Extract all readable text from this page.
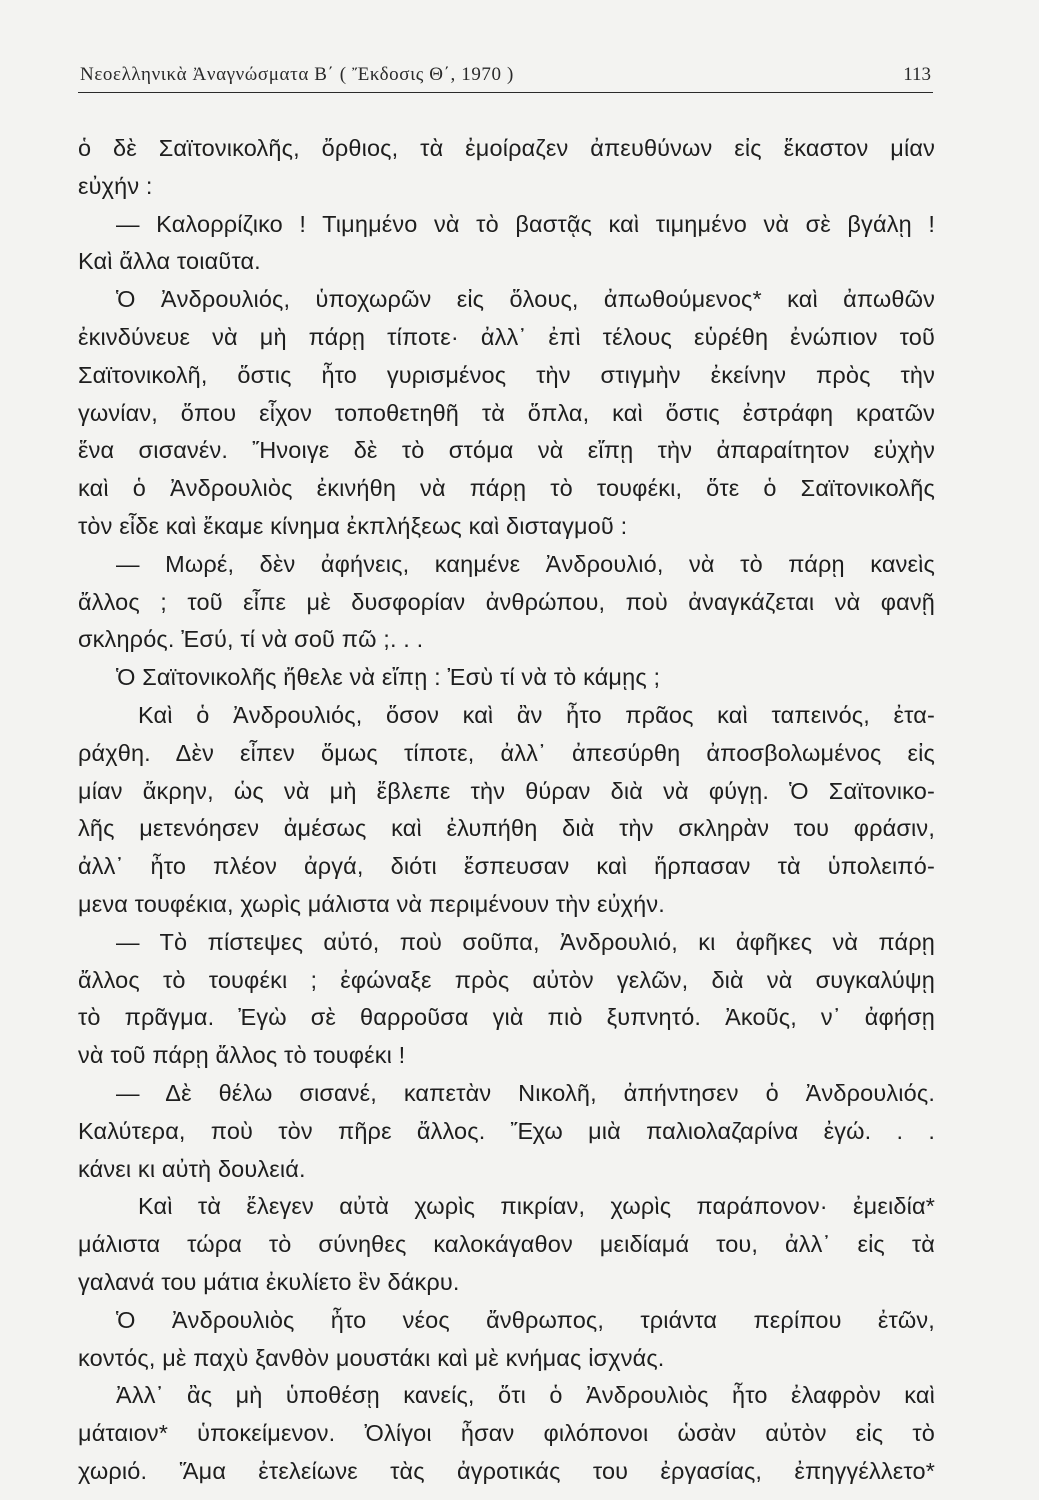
Νεοελληνικὰ Ἀναγνώσματα Β΄ ( Ἔκδοσις Θ΄, 1970 )	113
ὁ δὲ Σαϊτονικολῆς, ὄρθιος, τὰ ἐμοίραζεν ἀπευθύνων εἰς ἕκαστον μίαν
εὐχήν :
— Καλορρίζικο ! Τιμημένο νὰ τὸ βαστᾷς καὶ τιμημένο νὰ σὲ βγάλῃ !
Καὶ ἄλλα τοιαῦτα.
Ὁ Ἀνδρουλιός, ὑποχωρῶν εἰς ὅλους, ἀπωθούμενος* καὶ ἀπωθῶν
ἐκινδύνευε νὰ μὴ πάρῃ τίποτε· ἀλλ᾽ ἐπὶ τέλους εὑρέθη ἐνώπιον τοῦ
Σαϊτονικολῆ, ὅστις ἦτο γυρισμένος τὴν στιγμὴν ἐκείνην πρὸς τὴν
γωνίαν, ὅπου εἶχον τοποθετηθῆ τὰ ὅπλα, καὶ ὅστις ἐστράφη κρατῶν
ἕνα σισανέν. Ἤνοιγε δὲ τὸ στόμα νὰ εἴπῃ τὴν ἀπαραίτητον εὐχὴν
καὶ ὁ Ἀνδρουλιὸς ἐκινήθη νὰ πάρῃ τὸ τουφέκι, ὅτε ὁ Σαϊτονικολῆς
τὸν εἶδε καὶ ἔκαμε κίνημα ἐκπλήξεως καὶ δισταγμοῦ :
— Μωρέ, δὲν ἀφήνεις, καημένε Ἀνδρουλιό, νὰ τὸ πάρῃ κανεὶς
ἄλλος ; τοῦ εἶπε μὲ δυσφορίαν ἀνθρώπου, ποὺ ἀναγκάζεται νὰ φανῇ
σκληρός. Ἐσύ, τί νὰ σοῦ πῶ ;. . .
Ὁ Σαϊτονικολῆς ἤθελε νὰ εἴπῃ : Ἐσὺ τί νὰ τὸ κάμῃς ;
Καὶ ὁ Ἀνδρουλιός, ὅσον καὶ ἂν ἦτο πρᾶος καὶ ταπεινός, ἐτα-
ράχθη. Δὲν εἶπεν ὅμως τίποτε, ἀλλ᾽ ἀπεσύρθη ἀποσβολωμένος εἰς
μίαν ἄκρην, ὡς νὰ μὴ ἔβλεπε τὴν θύραν διὰ νὰ φύγῃ. Ὁ Σαϊτονικο-
λῆς μετενόησεν ἀμέσως καὶ ἐλυπήθη διὰ τὴν σκληρὰν του φράσιν,
ἀλλ᾽ ἦτο πλέον ἀργά, διότι ἔσπευσαν καὶ ἥρπασαν τὰ ὑπολειπό-
μενα τουφέκια, χωρὶς μάλιστα νὰ περιμένουν τὴν εὐχήν.
— Τὸ πίστεψες αὐτό, ποὺ σοῦπα, Ἀνδρουλιό, κι ἀφῆκες νὰ πάρῃ
ἄλλος τὸ τουφέκι ; ἐφώναξε πρὸς αὐτὸν γελῶν, διὰ νὰ συγκαλύψῃ
τὸ πρᾶγμα. Ἐγὼ σὲ θαρροῦσα γιὰ πιὸ ξυπνητό. Ἀκοῦς, ν᾽ ἀφήσῃ
νὰ τοῦ πάρῃ ἄλλος τὸ τουφέκι !
— Δὲ θέλω σισανέ, καπετὰν Νικολῆ, ἀπήντησεν ὁ Ἀνδρουλιός.
Καλύτερα, ποὺ τὸν πῆρε ἄλλος. Ἔχω μιὰ παλιολαζαρίνα ἐγώ. . .
κάνει κι αὐτὴ δουλειά.
Καὶ τὰ ἔλεγεν αὐτὰ χωρὶς πικρίαν, χωρὶς παράπονον· ἐμειδία*
μάλιστα τώρα τὸ σύνηθες καλοκάγαθον μειδίαμά του, ἀλλ᾽ εἰς τὰ
γαλανά του μάτια ἐκυλίετο ἓν δάκρυ.
Ὁ Ἀνδρουλιὸς ἦτο νέος ἄνθρωπος, τριάντα περίπου ἐτῶν,
κοντός, μὲ παχὺ ξανθὸν μουστάκι καὶ μὲ κνήμας ἰσχνάς.
Ἀλλ᾽ ἂς μὴ ὑποθέσῃ κανείς, ὅτι ὁ Ἀνδρουλιὸς ἦτο ἐλαφρὸν καὶ
μάταιον* ὑποκείμενον. Ὀλίγοι ἦσαν φιλόπονοι ὡσὰν αὐτὸν εἰς τὸ
χωριό. Ἅμα ἐτελείωνε τὰς ἀγροτικάς του ἐργασίας, ἐπηγγέλλετο*
